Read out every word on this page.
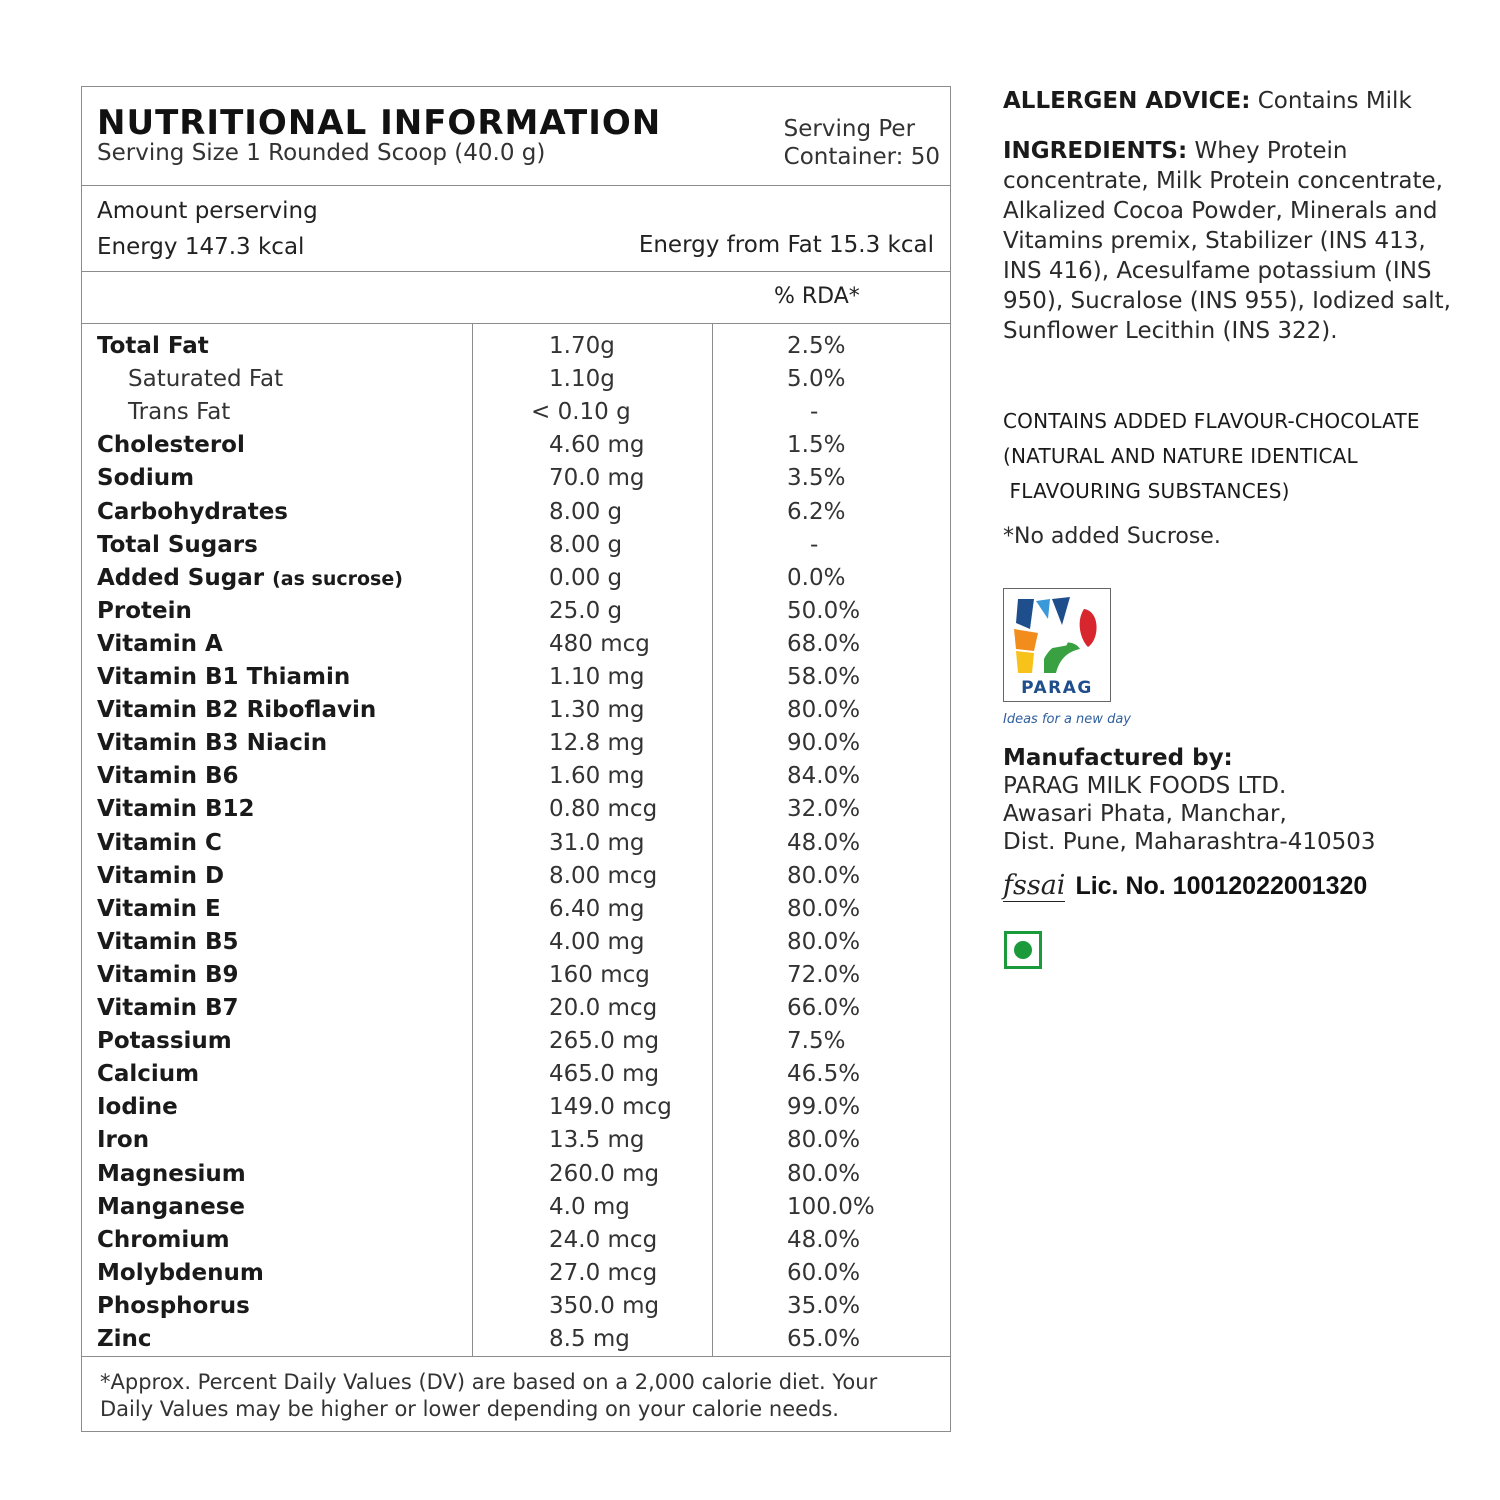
NUTRITIONAL INFORMATION
Serving Size 1 Rounded Scoop (40.0 g)
Serving Per
Container: 50
Amount perserving
Energy 147.3 kcal	Energy from Fat 15.3 kcal
% RDA*
Total Fat	1.70g	2.5%
Saturated Fat	1.10g	5.0%
Trans Fat	< 0.10 g	-
Cholesterol	4.60 mg	1.5%
Sodium	70.0 mg	3.5%
Carbohydrates	8.00 g	6.2%
Total Sugars	8.00 g	-
Added Sugar (as sucrose)	0.00 g	0.0%
Protein	25.0 g	50.0%
Vitamin A	480 mcg	68.0%
Vitamin B1 Thiamin	1.10 mg	58.0%
Vitamin B2 Riboflavin	1.30 mg	80.0%
Vitamin B3 Niacin	12.8 mg	90.0%
Vitamin B6	1.60 mg	84.0%
Vitamin B12	0.80 mcg	32.0%
Vitamin C	31.0 mg	48.0%
Vitamin D	8.00 mcg	80.0%
Vitamin E	6.40 mg	80.0%
Vitamin B5	4.00 mg	80.0%
Vitamin B9	160 mcg	72.0%
Vitamin B7	20.0 mcg	66.0%
Potassium	265.0 mg	7.5%
Calcium	465.0 mg	46.5%
Iodine	149.0 mcg	99.0%
Iron	13.5 mg	80.0%
Magnesium	260.0 mg	80.0%
Manganese	4.0 mg	100.0%
Chromium	24.0 mcg	48.0%
Molybdenum	27.0 mcg	60.0%
Phosphorus	350.0 mg	35.0%
Zinc	8.5 mg	65.0%
*Approx. Percent Daily Values (DV) are based on a 2,000 calorie diet. Your Daily Values may be higher or lower depending on your calorie needs.
ALLERGEN ADVICE: Contains Milk
INGREDIENTS: Whey Protein concentrate, Milk Protein concentrate, Alkalized Cocoa Powder, Minerals and Vitamins premix, Stabilizer (INS 413, INS 416), Acesulfame potassium (INS 950), Sucralose (INS 955), Iodized salt, Sunflower Lecithin (INS 322).
CONTAINS ADDED FLAVOUR-CHOCOLATE
(NATURAL AND NATURE IDENTICAL
FLAVOURING SUBSTANCES)
*No added Sucrose.
PARAG
Ideas for a new day
Manufactured by:
PARAG MILK FOODS LTD.
Awasari Phata, Manchar,
Dist. Pune, Maharashtra-410503
fssai Lic. No. 10012022001320
